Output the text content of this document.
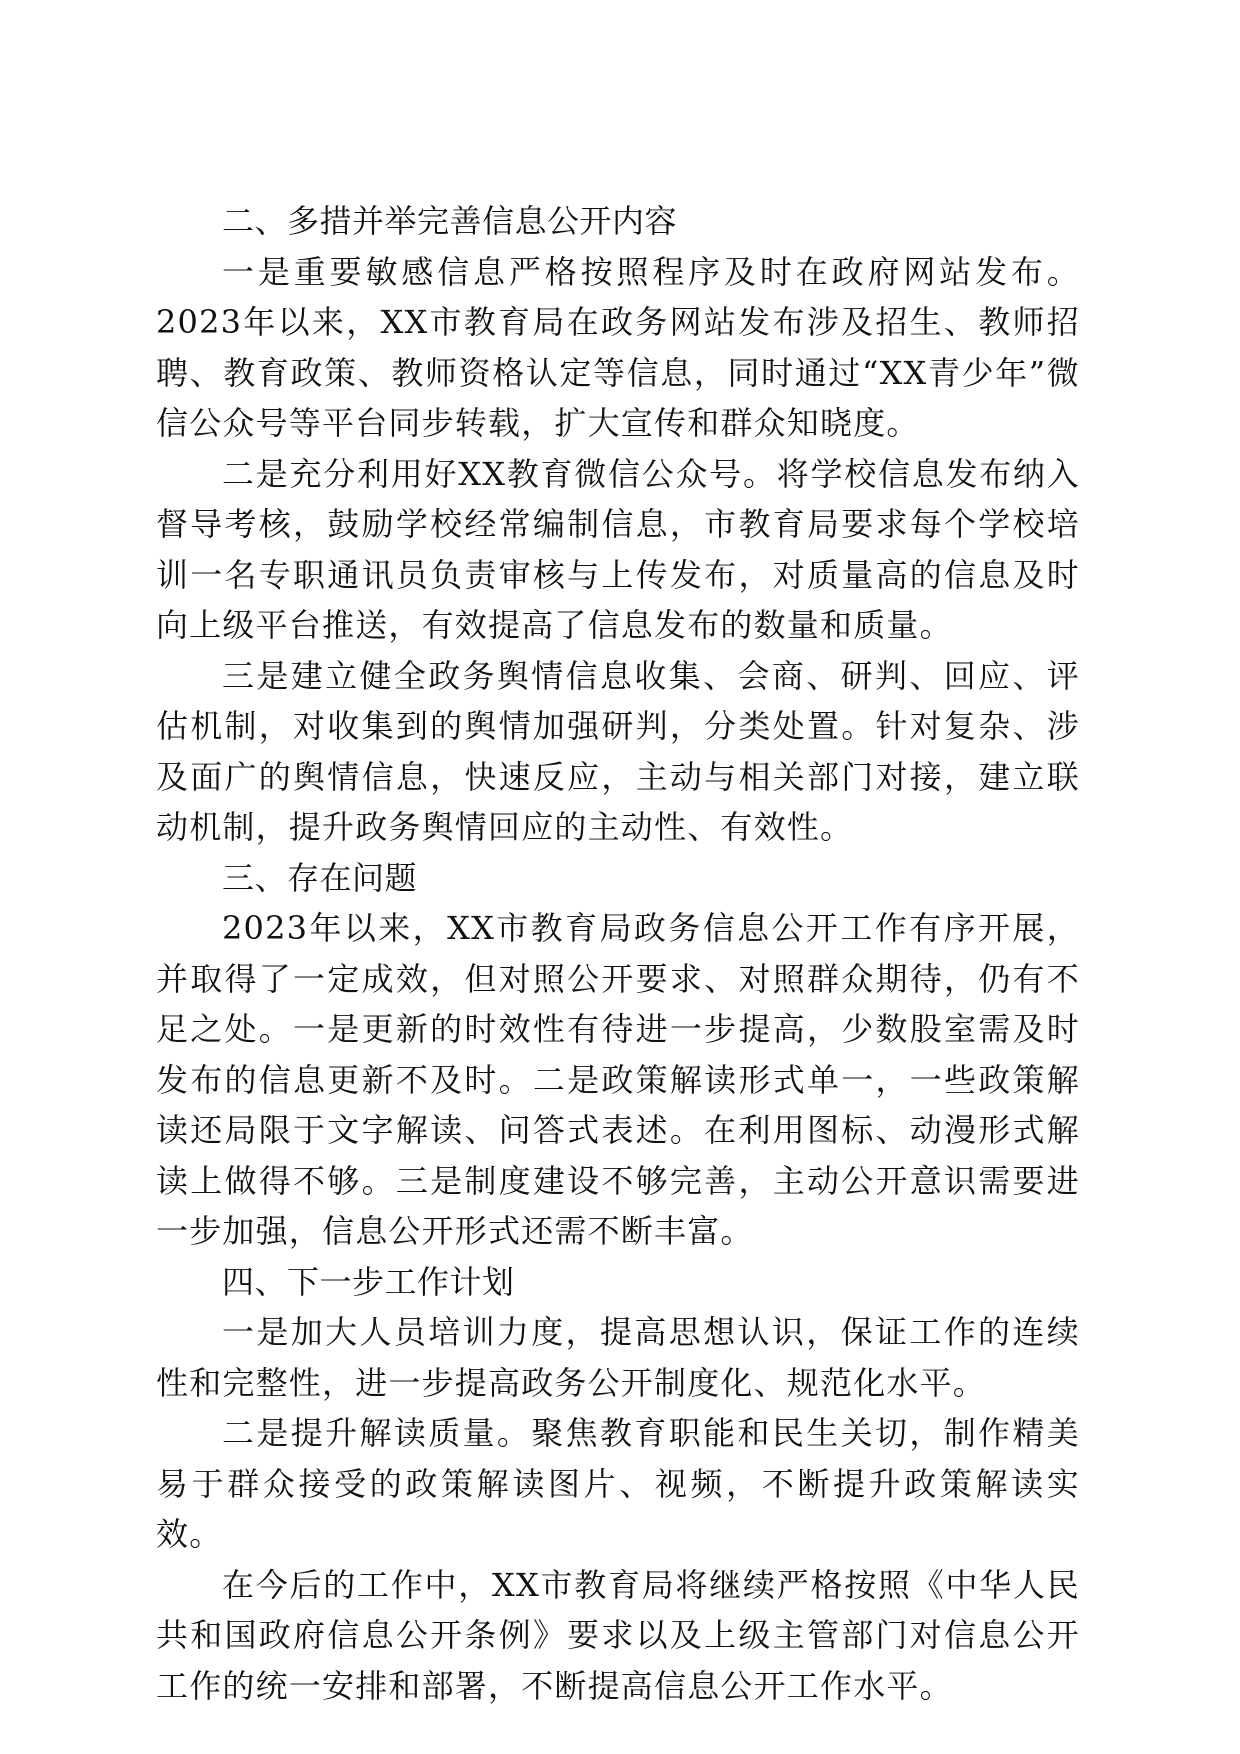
二、多措并举完善信息公开内容

一是重要敏感信息严格按照程序及时在政府网站发布。2023年以来，XX市教育局在政务网站发布涉及招生、教师招聘、教育政策、教师资格认定等信息，同时通过“XX青少年”微信公众号等平台同步转载，扩大宣传和群众知晓度。

二是充分利用好XX教育微信公众号。将学校信息发布纳入督导考核，鼓励学校经常编制信息，市教育局要求每个学校培训一名专职通讯员负责审核与上传发布，对质量高的信息及时向上级平台推送，有效提高了信息发布的数量和质量。

三是建立健全政务舆情信息收集、会商、研判、回应、评估机制，对收集到的舆情加强研判，分类处置。针对复杂、涉及面广的舆情信息，快速反应，主动与相关部门对接，建立联动机制，提升政务舆情回应的主动性、有效性。

三、存在问题

2023年以来，XX市教育局政务信息公开工作有序开展，并取得了一定成效，但对照公开要求、对照群众期待，仍有不足之处。一是更新的时效性有待进一步提高，少数股室需及时发布的信息更新不及时。二是政策解读形式单一，一些政策解读还局限于文字解读、问答式表述。在利用图标、动漫形式解读上做得不够。三是制度建设不够完善，主动公开意识需要进一步加强，信息公开形式还需不断丰富。

四、下一步工作计划

一是加大人员培训力度，提高思想认识，保证工作的连续性和完整性，进一步提高政务公开制度化、规范化水平。

二是提升解读质量。聚焦教育职能和民生关切，制作精美易于群众接受的政策解读图片、视频，不断提升政策解读实效。

在今后的工作中，XX市教育局将继续严格按照《中华人民共和国政府信息公开条例》要求以及上级主管部门对信息公开工作的统一安排和部署，不断提高信息公开工作水平。
